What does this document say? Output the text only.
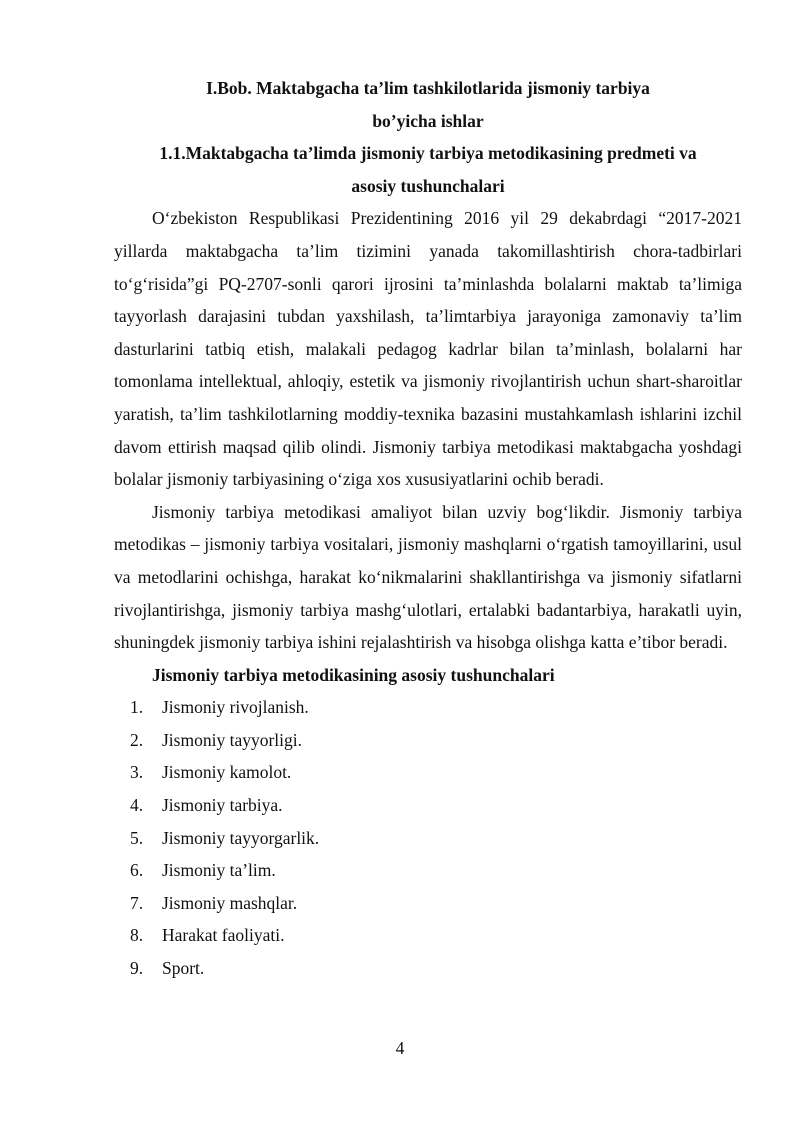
I.Bob. Maktabgacha ta’lim tashkilotlarida jismoniy tarbiya

bo’yicha ishlar

1.1.Maktabgacha ta’limda jismoniy tarbiya metodikasining predmeti va

asosiy tushunchalari

O‘zbekiston Respublikasi Prezidentining 2016 yil 29 dekabrdagi “2017-2021 yillarda maktabgacha ta’lim tizimini yanada takomillashtirish chora-tadbirlari to‘g‘risida”gi PQ-2707-sonli qarori ijrosini ta’minlashda bolalarni maktab ta’limiga tayyorlash darajasini tubdan yaxshilash, ta’limtarbiya jarayoniga zamonaviy ta’lim dasturlarini tatbiq etish, malakali pedagog kadrlar bilan ta’minlash, bolalarni har tomonlama intellektual, ahloqiy, estetik va jismoniy rivojlantirish uchun shart-sharoitlar yaratish, ta’lim tashkilotlarning moddiy-texnika bazasini mustahkamlash ishlarini izchil davom ettirish maqsad qilib olindi. Jismoniy tarbiya metodikasi maktabgacha yoshdagi bolalar jismoniy tarbiyasining o‘ziga xos xususiyatlarini ochib beradi.

Jismoniy tarbiya metodikasi amaliyot bilan uzviy bog‘likdir. Jismoniy tarbiya metodikas – jismoniy tarbiya vositalari, jismoniy mashqlarni o‘rgatish tamoyillarini, usul va metodlarini ochishga, harakat ko‘nikmalarini shakllantirishga va jismoniy sifatlarni rivojlantirishga, jismoniy tarbiya mashg‘ulotlari, ertalabki badantarbiya, harakatli uyin, shuningdek jismoniy tarbiya ishini rejalashtirish va hisobga olishga katta e’tibor beradi.

Jismoniy tarbiya metodikasining asosiy tushunchalari

1.	Jismoniy rivojlanish.
2.	Jismoniy tayyorligi.
3.	Jismoniy kamolot.
4.	Jismoniy tarbiya.
5.	Jismoniy tayyorgarlik.
6.	Jismoniy ta’lim.
7.	Jismoniy mashqlar.
8.	Harakat faoliyati.
9.	Sport.
4
